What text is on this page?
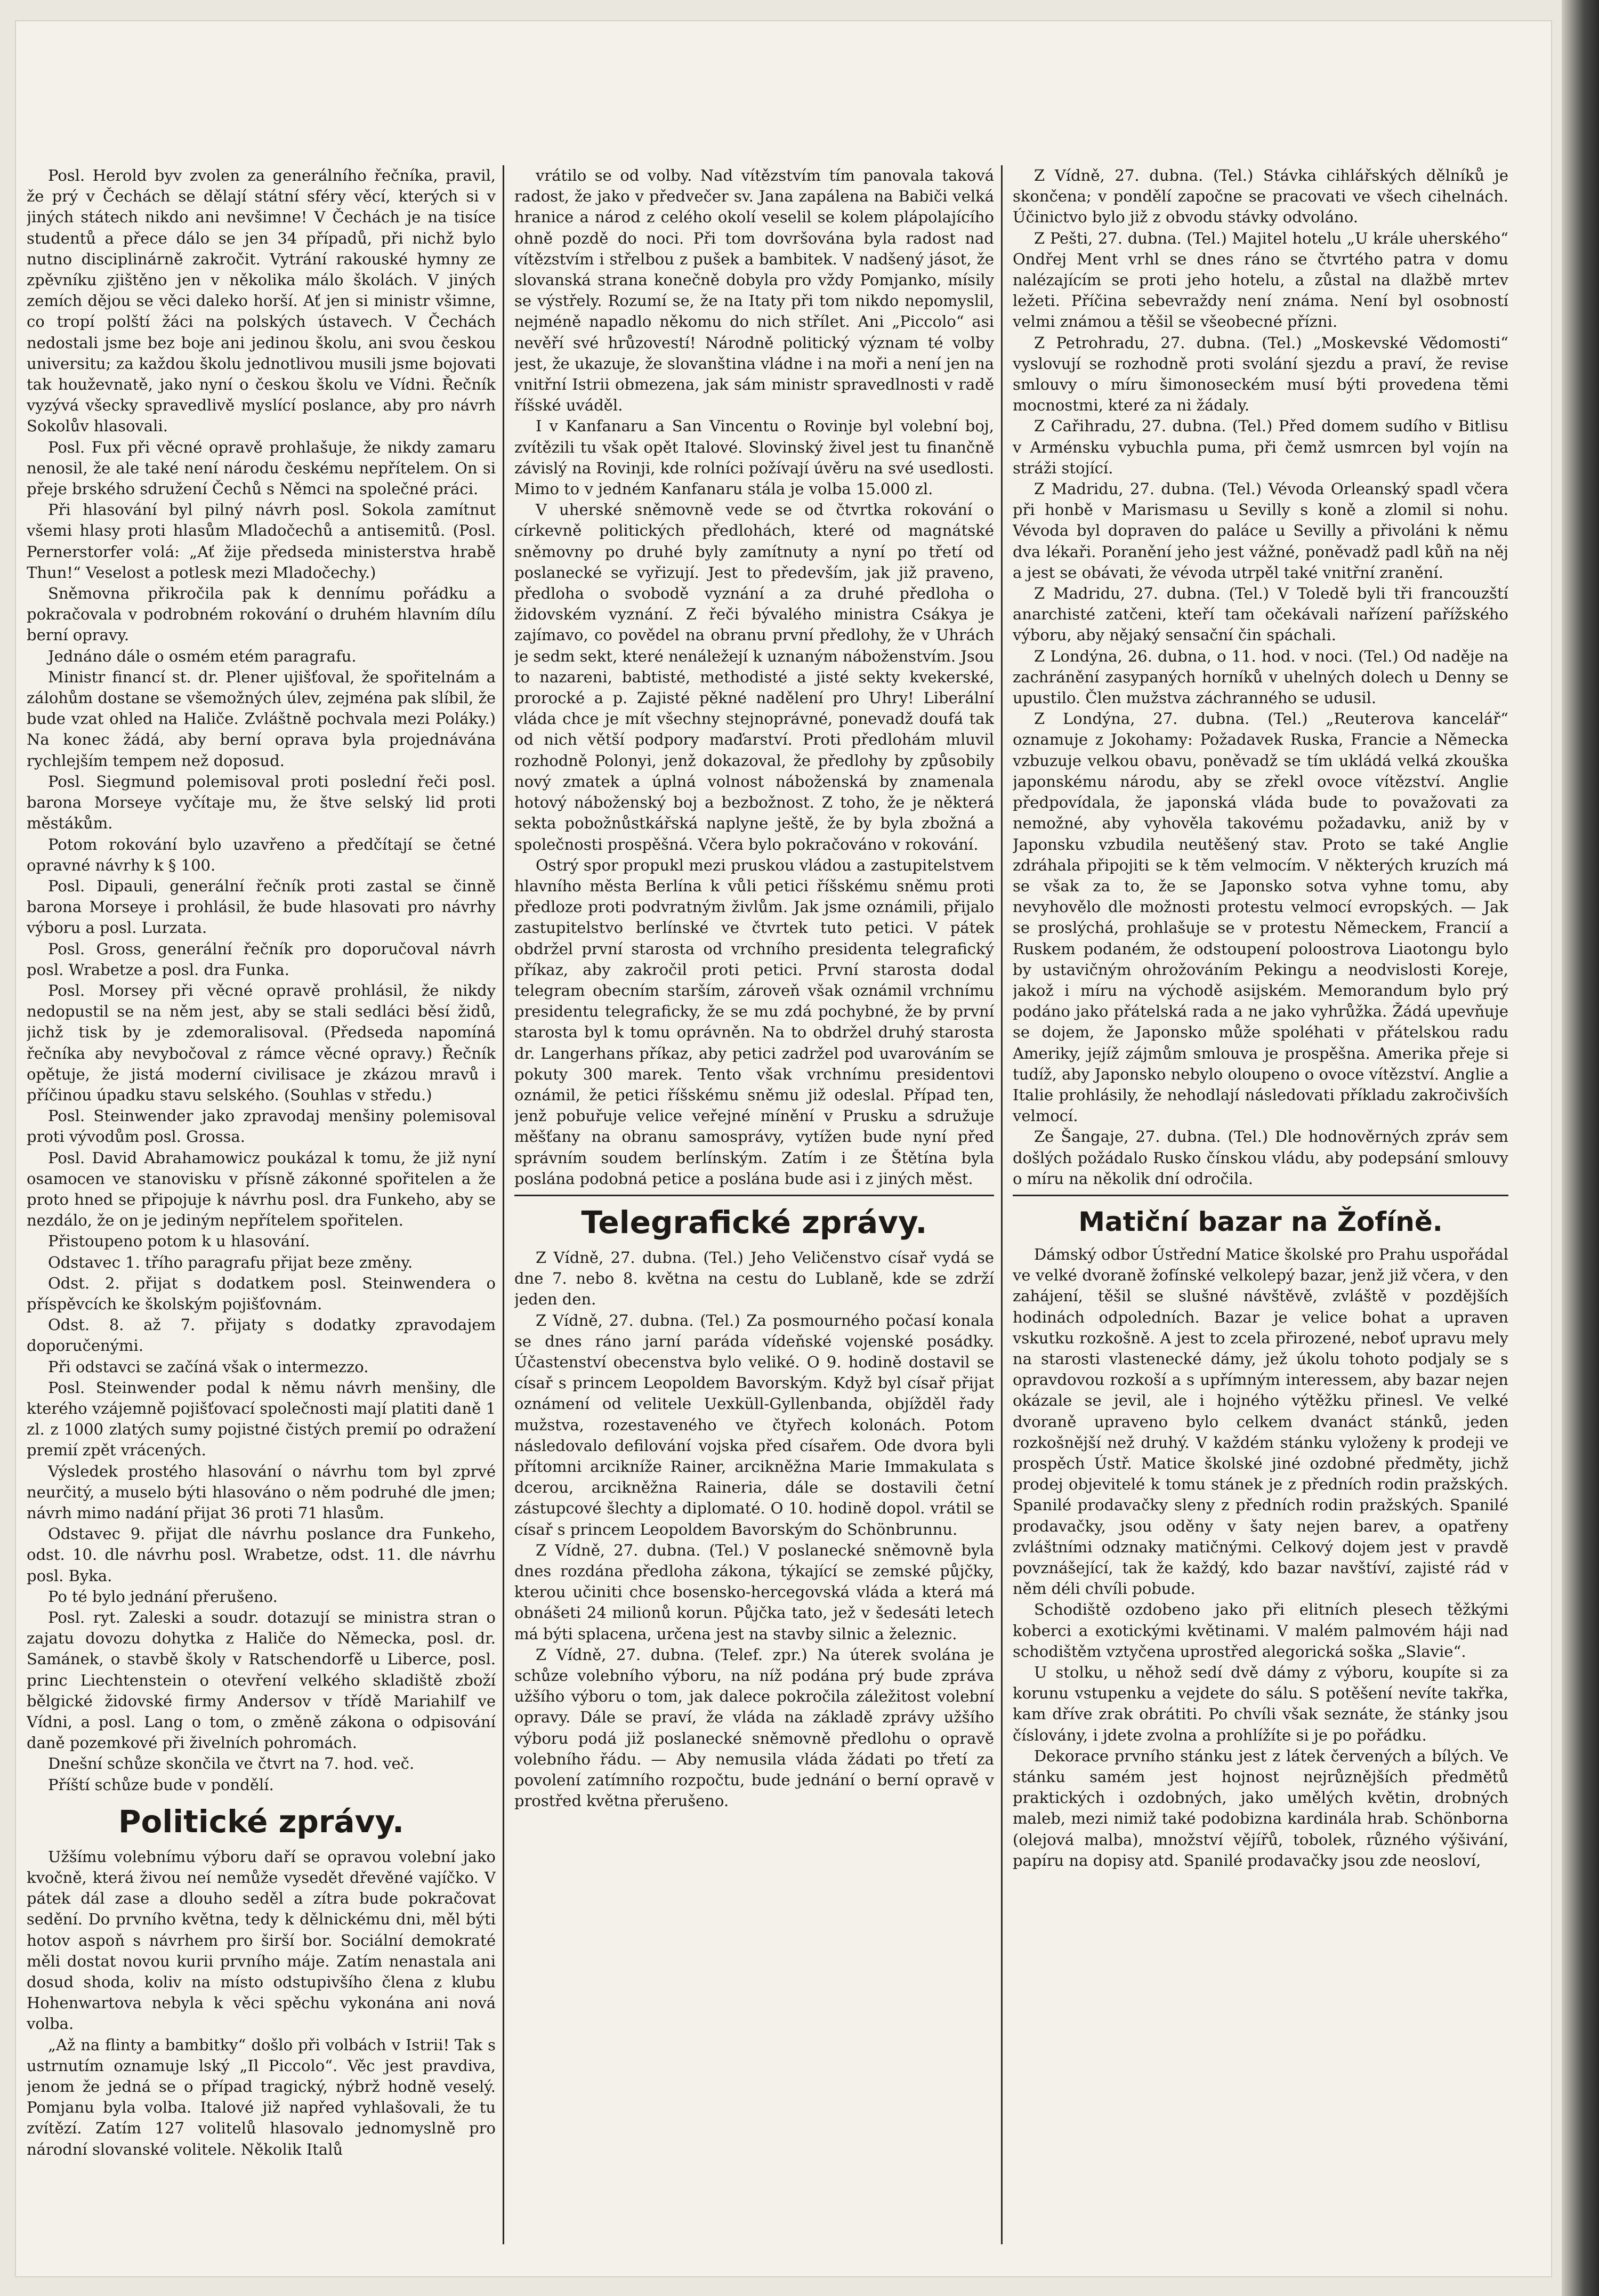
Posl. Herold byv zvolen za generálního řečníka, pravil, že prý v Čechách se dělají státní sféry věcí, kterých si v jiných státech nikdo ani nevšimne! V Čechách je na tisíce studentů a přece dálo se jen 34 případů, při nichž bylo nutno disciplinárně zakročit. Vytrání rakouské hymny ze zpěvníku zjištěno jen v několika málo školách. V jiných zemích dějou se věci daleko horší. Ať jen si ministr všimne, co tropí polští žáci na polských ústavech. V Čechách nedostali jsme bez boje ani jedinou školu, ani svou českou universitu; za každou školu jednotlivou musili jsme bojovati tak houževnatě, jako nyní o českou školu ve Vídni. Řečník vyzývá všecky spravedlivě myslící poslance, aby pro návrh Sokolův hlasovali.

Posl. Fux při věcné opravě prohlašuje, že nikdy zamaru nenosil, že ale také není národu českému nepřítelem. On si přeje brského sdružení Čechů s Němci na společné práci.

Při hlasování byl pilný návrh posl. Sokola zamítnut všemi hlasy proti hlasům Mladočechů a antisemitů. (Posl. Pernerstorfer volá: „Ať žije předseda ministerstva hrabě Thun!“ Veselost a potlesk mezi Mladočechy.)

Sněmovna přikročila pak k dennímu pořádku a pokračovala v podrobném rokování o druhém hlavním dílu berní opravy.

Jednáno dále o osmém etém paragrafu.

Ministr financí st. dr. Plener ujišťoval, že spořitelnám a zálohům dostane se všemožných úlev, zejména pak slíbil, že bude vzat ohled na Haliče. Zvláštně pochvala mezi Poláky.) Na konec žádá, aby berní oprava byla projednávána rychlejším tempem než doposud.

Posl. Siegmund polemisoval proti poslední řeči posl. barona Morseye vyčítaje mu, že štve selský lid proti městákům.

Potom rokování bylo uzavřeno a předčítají se četné opravné návrhy k § 100.

Posl. Dipauli, generální řečník proti zastal se činně barona Morseye i prohlásil, že bude hlasovati pro návrhy výboru a posl. Lurzata.

Posl. Gross, generální řečník pro doporučoval návrh posl. Wrabetze a posl. dra Funka.

Posl. Morsey při věcné opravě prohlásil, že nikdy nedopustil se na něm jest, aby se stali sedláci běsí židů, jichž tisk by je zdemoralisoval. (Předseda napomíná řečníka aby nevybočoval z rámce věcné opravy.) Řečník opětuje, že jistá moderní civilisace je zkázou mravů i příčinou úpadku stavu selského. (Souhlas v středu.)

Posl. Steinwender jako zpravodaj menšiny polemisoval proti vývodům posl. Grossa.

Posl. David Abrahamowicz poukázal k tomu, že již nyní osamocen ve stanovisku v přísně zákonné spořitelen a že proto hned se připojuje k návrhu posl. dra Funkeho, aby se nezdálo, že on je jediným nepřítelem spořitelen.

Přistoupeno potom k u hlasování.

Odstavec 1. třího paragrafu přijat beze změny.

Odst. 2. přijat s dodatkem posl. Steinwendera o příspěvcích ke školským pojišťovnám.

Odst. 8. až 7. přijaty s dodatky zpravodajem doporučenými.

Při odstavci se začíná však o intermezzo.

Posl. Steinwender podal k němu návrh menšiny, dle kterého vzájemně pojišťovací společnosti mají platiti daně 1 zl. z 1000 zlatých sumy pojistné čistých premií po odražení premií zpět vrácených.

Výsledek prostého hlasování o návrhu tom byl zprvé neurčitý, a muselo býti hlasováno o něm podruhé dle jmen; návrh mimo nadání přijat 36 proti 71 hlasům.

Odstavec 9. přijat dle návrhu poslance dra Funkeho, odst. 10. dle návrhu posl. Wrabetze, odst. 11. dle návrhu posl. Byka.

Po té bylo jednání přerušeno.

Posl. ryt. Zaleski a soudr. dotazují se ministra stran o zajatu dovozu dohytka z Haliče do Německa, posl. dr. Samánek, o stavbě školy v Ratschendorfě u Liberce, posl. princ Liechtenstein o otevření velkého skladiště zboží bělgické židovské firmy Andersov v třídě Mariahilf ve Vídni, a posl. Lang o tom, o změně zákona o odpisování daně pozemkové při živelních pohromách.

Dnešní schůze skončila ve čtvrt na 7. hod. več.

Příští schůze bude v pondělí.

Politické zprávy.

Užšímu volebnímu výboru daří se opravou volební jako kvočně, která živou neí nemůže vysedět dřevěné vajíčko. V pátek dál zase a dlouho seděl a zítra bude pokračovat sedění. Do prvního května, tedy k dělnickému dni, měl býti hotov aspoň s návrhem pro širší bor. Sociální demokraté měli dostat novou kurii prvního máje. Zatím nenastala ani dosud shoda, koliv na místo odstupivšího člena z klubu Hohenwartova nebyla k věci spěchu vykonána ani nová volba.

„Až na flinty a bambitky“ došlo při volbách v Istrii! Tak s ustrnutím oznamuje lský „Il Piccolo“. Věc jest pravdiva, jenom že jedná se o případ tragický, nýbrž hodně veselý. Pomjanu byla volba. Italové již napřed vyhlašovali, že tu zvítězí. Zatím 127 volitelů hlasovalo jednomyslně pro národní slovanské volitele. Několik Italů

vrátilo se od volby. Nad vítězstvím tím panovala taková radost, že jako v předvečer sv. Jana zapálena na Babiči velká hranice a národ z celého okolí veselil se kolem plápolajícího ohně pozdě do noci. Při tom dovršována byla radost nad vítězstvím i střelbou z pušek a bambitek. V nadšený jásot, že slovanská strana konečně dobyla pro vždy Pomjanko, mísily se výstřely. Rozumí se, že na Itaty při tom nikdo nepomyslil, nejméně napadlo někomu do nich střílet. Ani „Piccolo“ asi nevěří své hrůzovestí! Národně politický význam té volby jest, že ukazuje, že slovanština vládne i na moři a není jen na vnitřní Istrii obmezena, jak sám ministr spravedlnosti v radě říšské uváděl.

I v Kanfanaru a San Vincentu o Rovinje byl volební boj, zvítězili tu však opět Italové. Slovinský živel jest tu finančně závislý na Rovinji, kde rolníci požívají úvěru na své usedlosti. Mimo to v jedném Kanfanaru stála je volba 15.000 zl.

V uherské sněmovně vede se od čtvrtka rokování o církevně politických předlohách, které od magnátské sněmovny po druhé byly zamítnuty a nyní po třetí od poslanecké se vyřizují. Jest to především, jak již praveno, předloha o svobodě vyznání a za druhé předloha o židovském vyznání. Z řeči bývalého ministra Csákya je zajímavo, co povědel na obranu první předlohy, že v Uhrách je sedm sekt, které nenáležejí k uznaným náboženstvím. Jsou to nazareni, babtisté, methodisté a jisté sekty kvekerské, prorocké a p. Zajisté pěkné nadělení pro Uhry! Liberální vláda chce je mít všechny stejnoprávné, ponevadž doufá tak od nich větší podpory maďarství. Proti předlohám mluvil rozhodně Polonyi, jenž dokazoval, že předlohy by způsobily nový zmatek a úplná volnost náboženská by znamenala hotový náboženský boj a bezbožnost. Z toho, že je některá sekta pobožnůstkářská naplyne ještě, že by byla zbožná a společnosti prospěšná. Včera bylo pokračováno v rokování.

Ostrý spor propukl mezi pruskou vládou a zastupitelstvem hlavního města Berlína k vůli petici říšskému sněmu proti předloze proti podvratným živlům. Jak jsme oznámili, přijalo zastupitelstvo berlínské ve čtvrtek tuto petici. V pátek obdržel první starosta od vrchního presidenta telegrafický příkaz, aby zakročil proti petici. První starosta dodal telegram obecním starším, zároveň však oznámil vrchnímu presidentu telegraficky, že se mu zdá pochybné, že by první starosta byl k tomu oprávněn. Na to obdržel druhý starosta dr. Langerhans příkaz, aby petici zadržel pod uvarováním se pokuty 300 marek. Tento však vrchnímu presidentovi oznámil, že petici říšskému sněmu již odeslal. Případ ten, jenž pobuřuje velice veřejné mínění v Prusku a sdružuje měšťany na obranu samosprávy, vytížen bude nyní před správním soudem berlínským. Zatím i ze Štětína byla poslána podobná petice a poslána bude asi i z jiných měst.

Telegrafické zprávy.

Z Vídně, 27. dubna. (Tel.) Jeho Veličenstvo císař vydá se dne 7. nebo 8. května na cestu do Lublaně, kde se zdrží jeden den.

Z Vídně, 27. dubna. (Tel.) Za posmourného počasí konala se dnes ráno jarní paráda vídeňské vojenské posádky. Účastenství obecenstva bylo veliké. O 9. hodině dostavil se císař s princem Leopoldem Bavorským. Když byl císař přijat oznámení od velitele Uexküll-Gyllenbanda, objížděl řady mužstva, rozestaveného ve čtyřech kolonách. Potom následovalo defilování vojska před císařem. Ode dvora byli přítomni arcikníže Rainer, arcikněžna Marie Immakulata s dcerou, arcikněžna Raineria, dále se dostavili četní zástupcové šlechty a diplomaté. O 10. hodině dopol. vrátil se císař s princem Leopoldem Bavorským do Schönbrunnu.

Z Vídně, 27. dubna. (Tel.) V poslanecké sněmovně byla dnes rozdána předloha zákona, týkající se zemské půjčky, kterou učiniti chce bosensko-hercegovská vláda a která má obnášeti 24 milionů korun. Půjčka tato, jež v šedesáti letech má býti splacena, určena jest na stavby silnic a železnic.

Z Vídně, 27. dubna. (Telef. zpr.) Na úterek svolána je schůze volebního výboru, na níž podána prý bude zpráva užšího výboru o tom, jak dalece pokročila záležitost volební opravy. Dále se praví, že vláda na základě zprávy užšího výboru podá již poslanecké sněmovně předlohu o opravě volebního řádu. — Aby nemusila vláda žádati po třetí za povolení zatímního rozpočtu, bude jednání o berní opravě v prostřed května přerušeno.

Z Vídně, 27. dubna. (Tel.) Stávka cihlářských dělníků je skončena; v pondělí započne se pracovati ve všech cihelnách. Účinictvo bylo již z obvodu stávky odvoláno.

Z Pešti, 27. dubna. (Tel.) Majitel hotelu „U krále uherského“ Ondřej Ment vrhl se dnes ráno se čtvrtého patra v domu nalézajícím se proti jeho hotelu, a zůstal na dlažbě mrtev ležeti. Příčina sebevraždy není známa. Není byl osobností velmi známou a těšil se všeobecné přízni.

Z Petrohradu, 27. dubna. (Tel.) „Moskevské Vědomosti“ vyslovují se rozhodně proti svolání sjezdu a praví, že revise smlouvy o míru šimonoseckém musí býti provedena těmi mocnostmi, které za ni žádaly.

Z Cařihradu, 27. dubna. (Tel.) Před domem sudího v Bitlisu v Arménsku vybuchla puma, při čemž usmrcen byl vojín na stráži stojící.

Z Madridu, 27. dubna. (Tel.) Vévoda Orleanský spadl včera při honbě v Marismasu u Sevilly s koně a zlomil si nohu. Vévoda byl dopraven do paláce u Sevilly a přivoláni k němu dva lékaři. Poranění jeho jest vážné, poněvadž padl kůň na něj a jest se obávati, že vévoda utrpěl také vnitřní zranění.

Z Madridu, 27. dubna. (Tel.) V Toledě byli tři francouzští anarchisté zatčeni, kteří tam očekávali nařízení pařížského výboru, aby nějaký sensační čin spáchali.

Z Londýna, 26. dubna, o 11. hod. v noci. (Tel.) Od naděje na zachránění zasypaných horníků v uhelných dolech u Denny se upustilo. Člen mužstva záchranného se udusil.

Z Londýna, 27. dubna. (Tel.) „Reuterova kancelář“ oznamuje z Jokohamy: Požadavek Ruska, Francie a Německa vzbuzuje velkou obavu, poněvadž se tím ukládá velká zkouška japonskému národu, aby se zřekl ovoce vítězství. Anglie předpovídala, že japonská vláda bude to považovati za nemožné, aby vyhověla takovému požadavku, aniž by v Japonsku vzbudila neutěšený stav. Proto se také Anglie zdráhala připojiti se k těm velmocím. V některých kruzích má se však za to, že se Japonsko sotva vyhne tomu, aby nevyhovělo dle možnosti protestu velmocí evropských. — Jak se proslýchá, prohlašuje se v protestu Německem, Francií a Ruskem podaném, že odstoupení poloostrova Liaotongu bylo by ustavičným ohrožováním Pekingu a neodvislosti Koreje, jakož i míru na východě asijském. Memorandum bylo prý podáno jako přátelská rada a ne jako vyhrůžka. Žádá upevňuje se dojem, že Japonsko může spoléhati v přátelskou radu Ameriky, jejíž zájmům smlouva je prospěšna. Amerika přeje si tudíž, aby Japonsko nebylo oloupeno o ovoce vítězství. Anglie a Italie prohlásily, že nehodlají následovati příkladu zakročivších velmocí.

Ze Šangaje, 27. dubna. (Tel.) Dle hodnověrných zpráv sem došlých požádalo Rusko čínskou vládu, aby podepsání smlouvy o míru na několik dní odročila.

Matiční bazar na Žofíně.

Dámský odbor Ústřední Matice školské pro Prahu uspořádal ve velké dvoraně žofínské velkolepý bazar, jenž již včera, v den zahájení, těšil se slušné návštěvě, zvláště v pozdějších hodinách odpoledních. Bazar je velice bohat a upraven vskutku rozkošně. A jest to zcela přirozené, neboť upravu mely na starosti vlastenecké dámy, jež úkolu tohoto podjaly se s opravdovou rozkoší a s upřímným interessem, aby bazar nejen okázale se jevil, ale i hojného výtěžku přinesl. Ve velké dvoraně upraveno bylo celkem dvanáct stánků, jeden rozkošnější než druhý. V každém stánku vyloženy k prodeji ve prospěch Ústř. Matice školské jiné ozdobné předměty, jichž prodej objevitelé k tomu stánek je z předních rodin pražských. Spanilé prodavačky sleny z předních rodin pražských. Spanilé prodavačky, jsou oděny v šaty nejen barev, a opatřeny zvláštními odznaky matičnými. Celkový dojem jest v pravdě povznášející, tak že každý, kdo bazar navštíví, zajisté rád v něm déli chvíli pobude.

Schodiště ozdobeno jako při elitních plesech těžkými koberci a exotickými květinami. V malém palmovém háji nad schodištěm vztyčena uprostřed alegorická soška „Slavie“.

U stolku, u něhož sedí dvě dámy z výboru, koupíte si za korunu vstupenku a vejdete do sálu. S potěšení nevíte takřka, kam dříve zrak obrátiti. Po chvíli však seznáte, že stánky jsou číslovány, i jdete zvolna a prohlížíte si je po pořádku.

Dekorace prvního stánku jest z látek červených a bílých. Ve stánku samém jest hojnost nejrůznějších předmětů praktických i ozdobných, jako umělých květin, drobných maleb, mezi nimiž také podobizna kardinála hrab. Schönborna (olejová malba), množství vějířů, tobolek, různého výšivání, papíru na dopisy atd. Spanilé prodavačky jsou zde neosloví,
